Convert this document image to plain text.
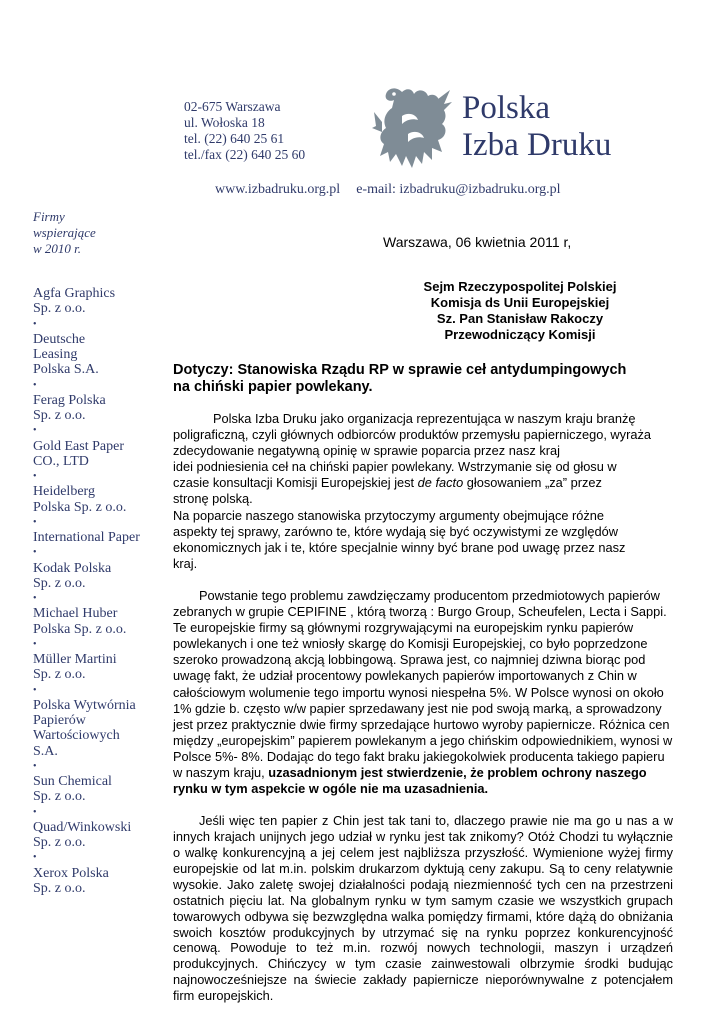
02-675 Warszawa
ul. Wołoska 18
tel. (22) 640 25 61
tel./fax (22) 640 25 60
Polska
Izba Druku
www.izbadruku.org.pl e-mail: izbadruku@izbadruku.org.pl
Firmy
wspierające
w 2010 r.
Agfa Graphics
Sp. z o.o.
•
Deutsche
Leasing
Polska S.A.
•
Ferag Polska
Sp. z o.o.
•
Gold East Paper
CO., LTD
•
Heidelberg
Polska Sp. z o.o.
•
International Paper
•
Kodak Polska
Sp. z o.o.
•
Michael Huber
Polska Sp. z o.o.
•
Müller Martini
Sp. z o.o.
•
Polska Wytwórnia
Papierów
Wartościowych
S.A.
•
Sun Chemical
Sp. z o.o.
•
Quad/Winkowski
Sp. z o.o.
•
Xerox Polska
Sp. z o.o.
Warszawa, 06 kwietnia 2011 r,
Sejm Rzeczypospolitej Polskiej
Komisja ds Unii Europejskiej
Sz. Pan Stanisław Rakoczy
Przewodniczący Komisji
Dotyczy: Stanowiska Rządu RP w sprawie ceł antydumpingowych
na chiński papier powlekany.
Polska Izba Druku jako organizacja reprezentująca w naszym kraju branżę poligraficzną, czyli głównych odbiorców produktów przemysłu papierniczego, wyraża zdecydowanie negatywną opinię w sprawie poparcia przez nasz kraj
idei podniesienia ceł na chiński papier powlekany. Wstrzymanie się od głosu w czasie konsultacji Komisji Europejskiej jest de facto głosowaniem „za” przez stronę polską.
Na poparcie naszego stanowiska przytoczymy argumenty obejmujące różne aspekty tej sprawy, zarówno te, które wydają się być oczywistymi ze względów ekonomicznych jak i te, które specjalnie winny być brane pod uwagę przez nasz kraj.
Powstanie tego problemu zawdzięczamy producentom przedmiotowych papierów zebranych w grupie CEPIFINE , którą tworzą : Burgo Group, Scheufelen, Lecta i Sappi. Te europejskie firmy są głównymi rozgrywającymi na europejskim rynku papierów powlekanych i one też wniosły skargę do Komisji Europejskiej, co było poprzedzone szeroko prowadzoną akcją lobbingową. Sprawa jest, co najmniej dziwna biorąc pod uwagę fakt, że udział procentowy powlekanych papierów importowanych z Chin w całościowym wolumenie tego importu wynosi niespełna 5%. W Polsce wynosi on około 1% gdzie b. często w/w papier sprzedawany jest nie pod swoją marką, a sprowadzony jest przez praktycznie dwie firmy sprzedające hurtowo wyroby papiernicze. Różnica cen między „europejskim” papierem powlekanym a jego chińskim odpowiednikiem, wynosi w Polsce 5%- 8%. Dodając do tego fakt braku jakiegokolwiek producenta takiego papieru w naszym kraju, uzasadnionym jest stwierdzenie, że problem ochrony naszego rynku w tym aspekcie w ogóle nie ma uzasadnienia.
Jeśli więc ten papier z Chin jest tak tani to, dlaczego prawie nie ma go u nas a w innych krajach unijnych jego udział w rynku jest tak znikomy? Otóż Chodzi tu wyłącznie o walkę konkurencyjną a jej celem jest najbliższa przyszłość. Wymienione wyżej firmy europejskie od lat m.in. polskim drukarzom dyktują ceny zakupu. Są to ceny relatywnie wysokie. Jako zaletę swojej działalności podają niezmienność tych cen na przestrzeni ostatnich pięciu lat. Na globalnym rynku w tym samym czasie we wszystkich grupach towarowych odbywa się bezwzględna walka pomiędzy firmami, które dążą do obniżania swoich kosztów produkcyjnych by utrzymać się na rynku poprzez konkurencyjność cenową. Powoduje to też m.in. rozwój nowych technologii, maszyn i urządzeń produkcyjnych. Chińczycy w tym czasie zainwestowali olbrzymie środki budując najnowocześniejsze na świecie zakłady papiernicze nieporównywalne z potencjałem firm europejskich.
